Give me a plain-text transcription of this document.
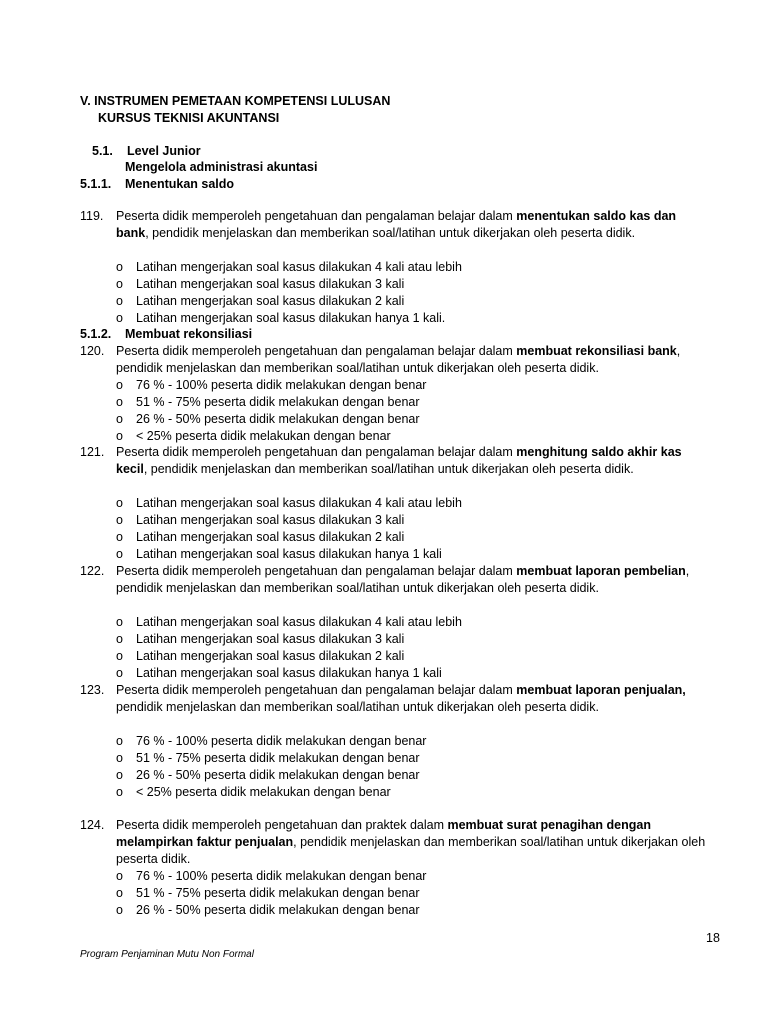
V. INSTRUMEN PEMETAAN KOMPETENSI LULUSAN
KURSUS TEKNISI AKUNTANSI
5.1. Level Junior
Mengelola administrasi akuntasi
5.1.1. Menentukan saldo
119. Peserta didik memperoleh pengetahuan dan pengalaman belajar dalam menentukan saldo kas dan bank, pendidik menjelaskan dan memberikan soal/latihan untuk dikerjakan oleh peserta didik.
o Latihan mengerjakan soal kasus dilakukan 4 kali atau lebih
o Latihan mengerjakan soal kasus dilakukan 3 kali
o Latihan mengerjakan soal kasus dilakukan 2 kali
o Latihan mengerjakan soal kasus dilakukan hanya 1 kali.
5.1.2. Membuat rekonsiliasi
120. Peserta didik memperoleh pengetahuan dan pengalaman belajar dalam membuat rekonsiliasi bank, pendidik menjelaskan dan memberikan soal/latihan untuk dikerjakan oleh peserta didik.
o 76 % - 100% peserta didik melakukan dengan benar
o 51 % - 75% peserta didik melakukan dengan benar
o 26 % - 50% peserta didik melakukan dengan benar
o < 25% peserta didik melakukan dengan benar
121. Peserta didik memperoleh pengetahuan dan pengalaman belajar dalam menghitung saldo akhir kas kecil, pendidik menjelaskan dan memberikan soal/latihan untuk dikerjakan oleh peserta didik.
o Latihan mengerjakan soal kasus dilakukan 4 kali atau lebih
o Latihan mengerjakan soal kasus dilakukan 3 kali
o Latihan mengerjakan soal kasus dilakukan 2 kali
o Latihan mengerjakan soal kasus dilakukan hanya 1 kali
122. Peserta didik memperoleh pengetahuan dan pengalaman belajar dalam membuat laporan pembelian, pendidik menjelaskan dan memberikan soal/latihan untuk dikerjakan oleh peserta didik.
o Latihan mengerjakan soal kasus dilakukan 4 kali atau lebih
o Latihan mengerjakan soal kasus dilakukan 3 kali
o Latihan mengerjakan soal kasus dilakukan 2 kali
o Latihan mengerjakan soal kasus dilakukan hanya 1 kali
123. Peserta didik memperoleh pengetahuan dan pengalaman belajar dalam membuat laporan penjualan, pendidik menjelaskan dan memberikan soal/latihan untuk dikerjakan oleh peserta didik.
o 76 % - 100% peserta didik melakukan dengan benar
o 51 % - 75% peserta didik melakukan dengan benar
o 26 % - 50% peserta didik melakukan dengan benar
o < 25% peserta didik melakukan dengan benar
124. Peserta didik memperoleh pengetahuan dan praktek dalam membuat surat penagihan dengan melampirkan faktur penjualan, pendidik menjelaskan dan memberikan soal/latihan untuk dikerjakan oleh peserta didik.
o 76 % - 100% peserta didik melakukan dengan benar
o 51 % - 75% peserta didik melakukan dengan benar
o 26 % - 50% peserta didik melakukan dengan benar
18
Program Penjaminan Mutu Non Formal
